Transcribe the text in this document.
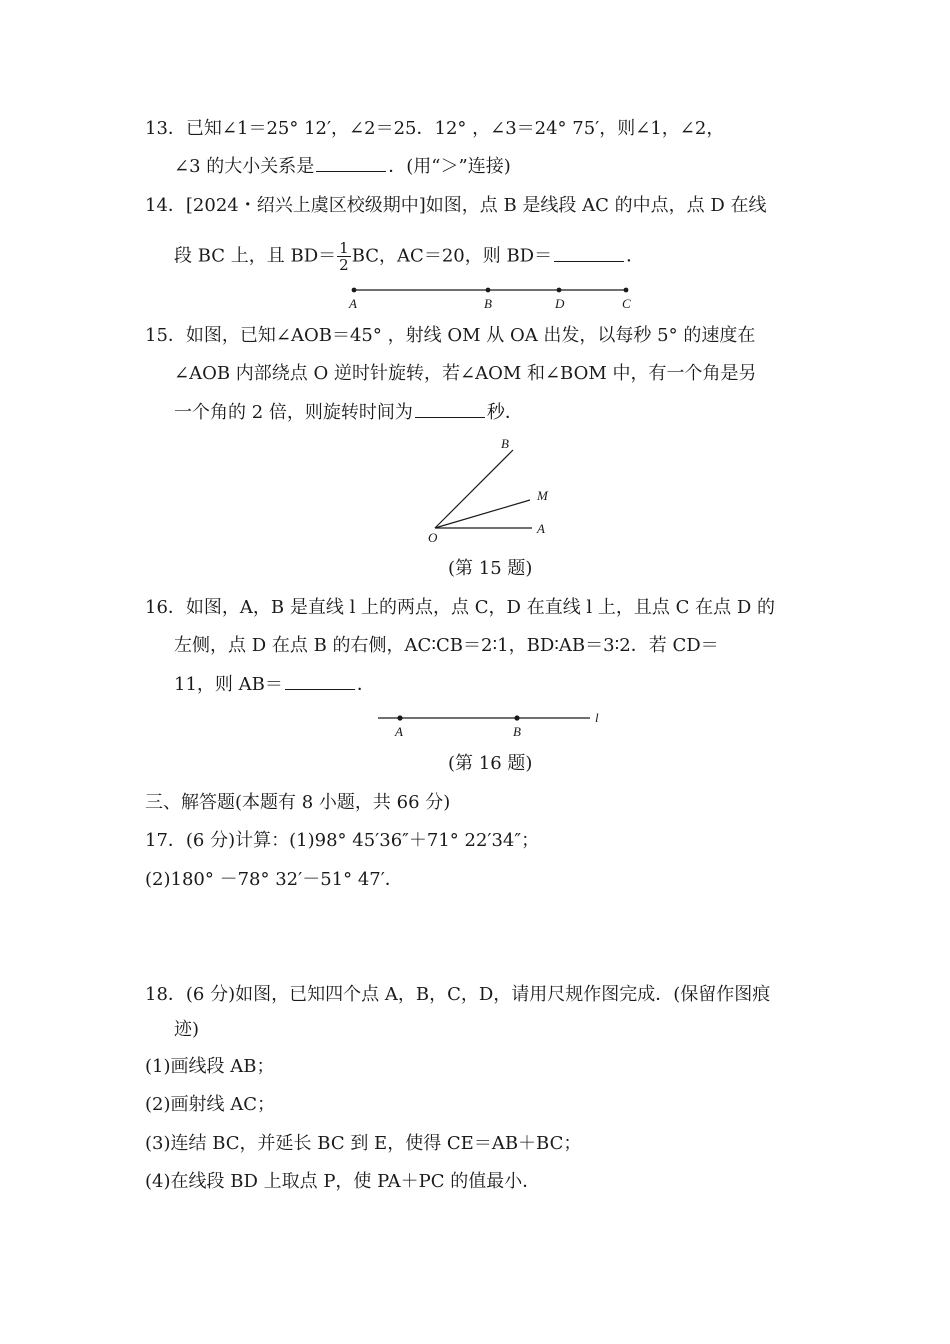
13．已知∠1＝25° 12′，∠2＝25．12° ，∠3＝24° 75′，则∠1，∠2，
∠3 的大小关系是	．(用“＞”连接)
14．[2024・绍兴上虞区校级期中]如图，点 B 是线段 AC 的中点，点 D 在线
段 BC 上，且 $BD= \frac{1}{2}$ BC，AC＝20，则 BD＝	．
A	B	D	C
15．如图，已知∠AOB＝45° ，射线 OM 从 OA 出发，以每秒 5° 的速度在
∠AOB 内部绕点 O 逆时针旋转，若∠AOM 和∠BOM 中，有一个角是另
一个角的 2 倍，则旋转时间为	秒．
B
M
A
O
(第 15 题)
16．如图，A，B 是直线 l 上的两点，点 C，D 在直线 l 上，且点 C 在点 D 的
左侧，点 D 在点 B 的右侧，AC∶CB＝2∶1，BD∶AB＝3∶2．若 CD＝
11，则 AB＝	．
A	B
l
(第 16 题)
三、解答题(本题有 8 小题，共 66 分)
17．(6 分)计算：(1)98° 45′36″＋71° 22′34″；
(2)180° －78° 32′－51° 47′．
18．(6 分)如图，已知四个点 A，B，C，D，请用尺规作图完成．(保留作图痕
迹)
(1)画线段 AB；
(2)画射线 AC；
(3)连结 BC，并延长 BC 到 E，使得 CE＝AB＋BC；
(4)在线段 BD 上取点 P，使 PA＋PC 的值最小．
